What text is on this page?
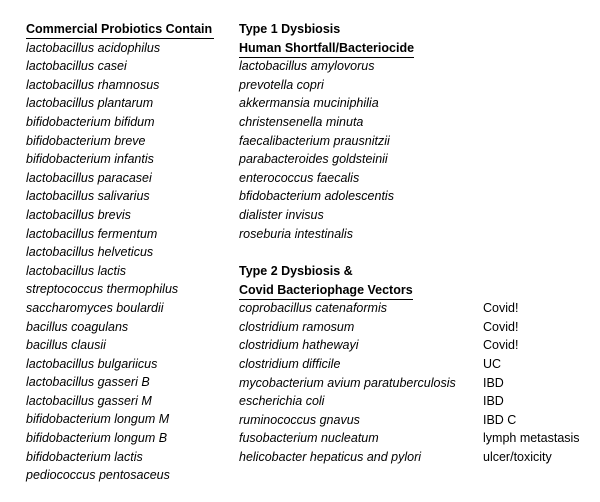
Commercial Probiotics Contain
lactobacillus acidophilus
lactobacillus casei
lactobacillus rhamnosus
lactobacillus plantarum
bifidobacterium bifidum
bifidobacterium breve
bifidobacterium infantis
lactobacillus paracasei
lactobacillus salivarius
lactobacillus brevis
lactobacillus fermentum
lactobacillus helveticus
lactobacillus lactis
streptococcus thermophilus
saccharomyces boulardii
bacillus coagulans
bacillus clausii
lactobacillus bulgariicus
lactobacillus gasseri B
lactobacillus gasseri M
bifidobacterium longum M
bifidobacterium longum B
bifidobacterium lactis
pediococcus pentosaceus
Type 1 Dysbiosis
Human Shortfall/Bacteriocide
lactobacillus amylovorus
prevotella copri
akkermansia muciniphilia
christensenella minuta
faecalibacterium prausnitzii
parabacteroides goldsteinii
enterococcus faecalis
bfidobacterium adolescentis
dialister invisus
roseburia intestinalis
Type 2 Dysbiosis &
Covid Bacteriophage Vectors
coprobacillus catenaformis
clostridium ramosum
clostridium hathewayi
clostridium difficile
mycobacterium avium paratuberculosis
escherichia coli
ruminococcus gnavus
fusobacterium nucleatum
helicobacter hepaticus and pylori
Covid!
Covid!
Covid!
UC
IBD
IBD
IBD C
lymph metastasis
ulcer/toxicity
